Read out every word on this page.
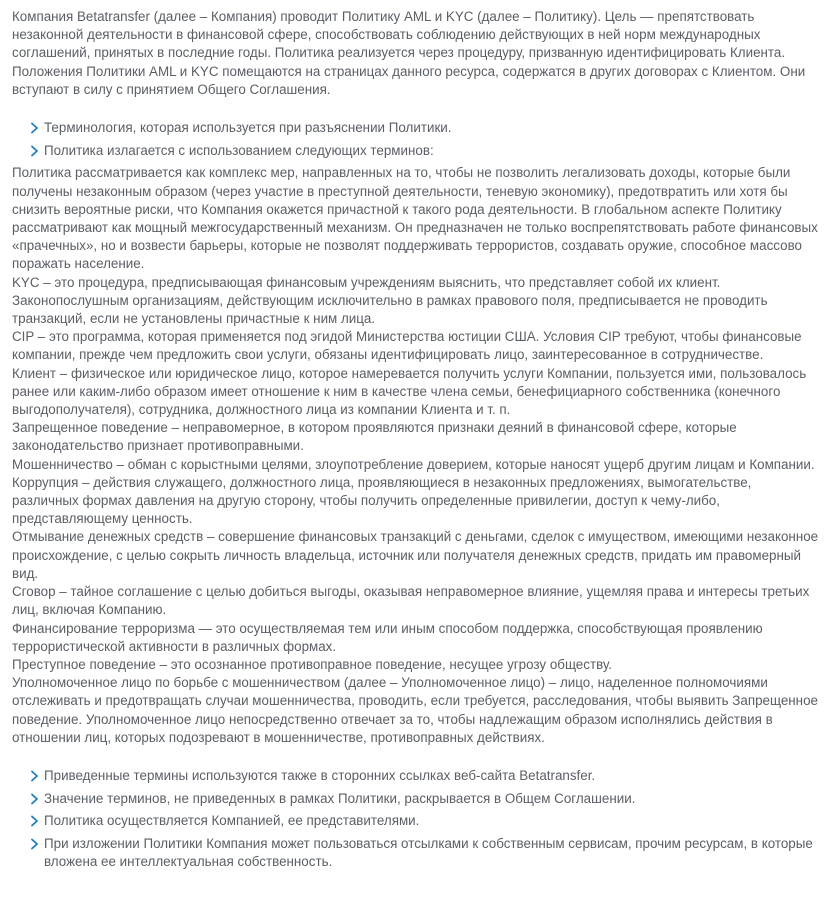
Компания Betatransfer (далее – Компания) проводит Политику AML и KYC (далее – Политику). Цель — препятствовать незаконной деятельности в финансовой сфере, способствовать соблюдению действующих в ней норм международных соглашений, принятых в последние годы. Политика реализуется через процедуру, призванную идентифицировать Клиента. Положения Политики AML и KYC помещаются на страницах данного ресурса, содержатся в других договорах с Клиентом. Они вступают в силу с принятием Общего Соглашения.

Терминология, которая используется при разъяснении Политики.
Политика излагается с использованием следующих терминов:

Политика рассматривается как комплекс мер, направленных на то, чтобы не позволить легализовать доходы, которые были получены незаконным образом (через участие в преступной деятельности, теневую экономику), предотвратить или хотя бы снизить вероятные риски, что Компания окажется причастной к такого рода деятельности. В глобальном аспекте Политику рассматривают как мощный межгосударственный механизм. Он предназначен не только воспрепятствовать работе финансовых «прачечных», но и возвести барьеры, которые не позволят поддерживать террористов, создавать оружие, способное массово поражать население.

KYC – это процедура, предписывающая финансовым учреждениям выяснить, что представляет собой их клиент. Законопослушным организациям, действующим исключительно в рамках правового поля, предписывается не проводить транзакций, если не установлены причастные к ним лица.

CIP – это программа, которая применяется под эгидой Министерства юстиции США. Условия CIP требуют, чтобы финансовые компании, прежде чем предложить свои услуги, обязаны идентифицировать лицо, заинтересованное в сотрудничестве.

Клиент – физическое или юридическое лицо, которое намеревается получить услуги Компании, пользуется ими, пользовалось ранее или каким-либо образом имеет отношение к ним в качестве члена семьи, бенефициарного собственника (конечного выгодополучателя), сотрудника, должностного лица из компании Клиента и т. п.

Запрещенное поведение – неправомерное, в котором проявляются признаки деяний в финансовой сфере, которые законодательство признает противоправными.

Мошенничество – обман с корыстными целями, злоупотребление доверием, которые наносят ущерб другим лицам и Компании.

Коррупция – действия служащего, должностного лица, проявляющиеся в незаконных предложениях, вымогательстве, различных формах давления на другую сторону, чтобы получить определенные привилегии, доступ к чему-либо, представляющему ценность.

Отмывание денежных средств – совершение финансовых транзакций с деньгами, сделок с имуществом, имеющими незаконное происхождение, с целью сокрыть личность владельца, источник или получателя денежных средств, придать им правомерный вид.

Сговор – тайное соглашение с целью добиться выгоды, оказывая неправомерное влияние, ущемляя права и интересы третьих лиц, включая Компанию.

Финансирование терроризма — это осуществляемая тем или иным способом поддержка, способствующая проявлению террористической активности в различных формах.

Преступное поведение – это осознанное противоправное поведение, несущее угрозу обществу.

Уполномоченное лицо по борьбе с мошенничеством (далее – Уполномоченное лицо) – лицо, наделенное полномочиями отслеживать и предотвращать случаи мошенничества, проводить, если требуется, расследования, чтобы выявить Запрещенное поведение. Уполномоченное лицо непосредственно отвечает за то, чтобы надлежащим образом исполнялись действия в отношении лиц, которых подозревают в мошенничестве, противоправных действиях.

Приведенные термины используются также в сторонних ссылках веб-сайта Betatransfer.
Значение терминов, не приведенных в рамках Политики, раскрывается в Общем Соглашении.
Политика осуществляется Компанией, ее представителями.
При изложении Политики Компания может пользоваться отсылками к собственным сервисам, прочим ресурсам, в которые вложена ее интеллектуальная собственность.
